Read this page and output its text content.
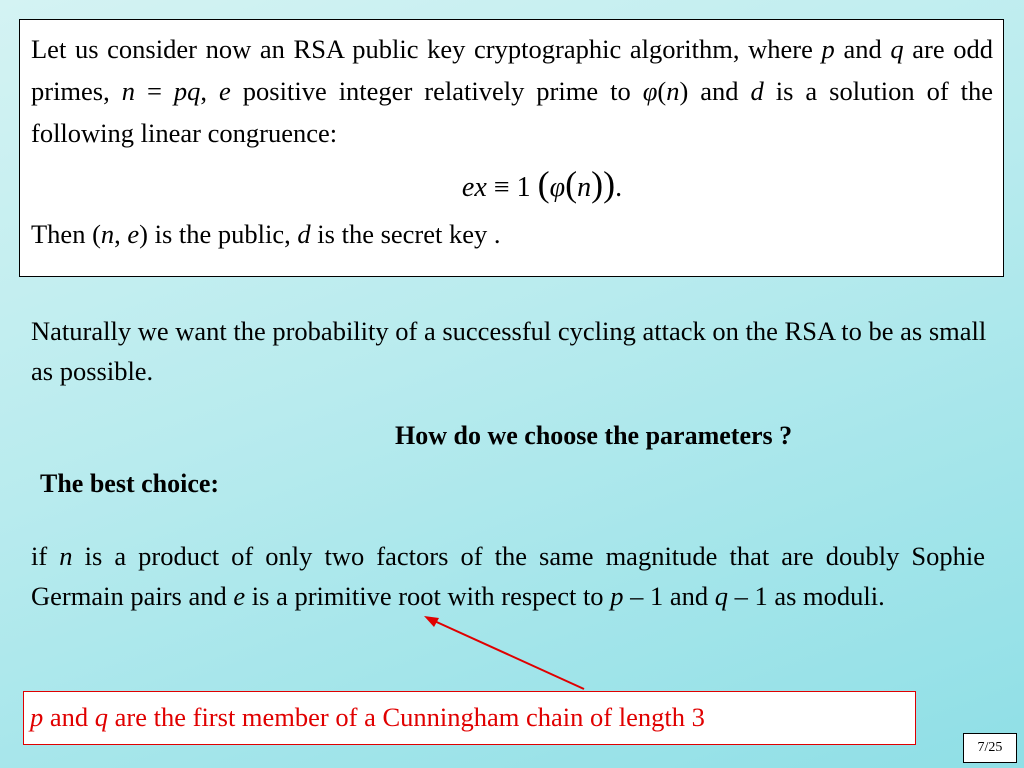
Let us consider now an RSA public key cryptographic algorithm, where p and q are odd primes, n = pq, e positive integer relatively prime to φ(n) and d is a solution of the following linear congruence:

ex ≡ 1 (φ(n)).

Then (n, e) is the public, d is the secret key .

Naturally we want the probability of a successful cycling attack on the RSA to be as small as possible.

How do we choose the parameters ?
The best choice:

if n is a product of only two factors of the same magnitude that are doubly Sophie Germain pairs and e is a primitive root with respect to p – 1 and q – 1 as moduli.

p and q are the first member of a Cunningham chain of length 3
7/25
